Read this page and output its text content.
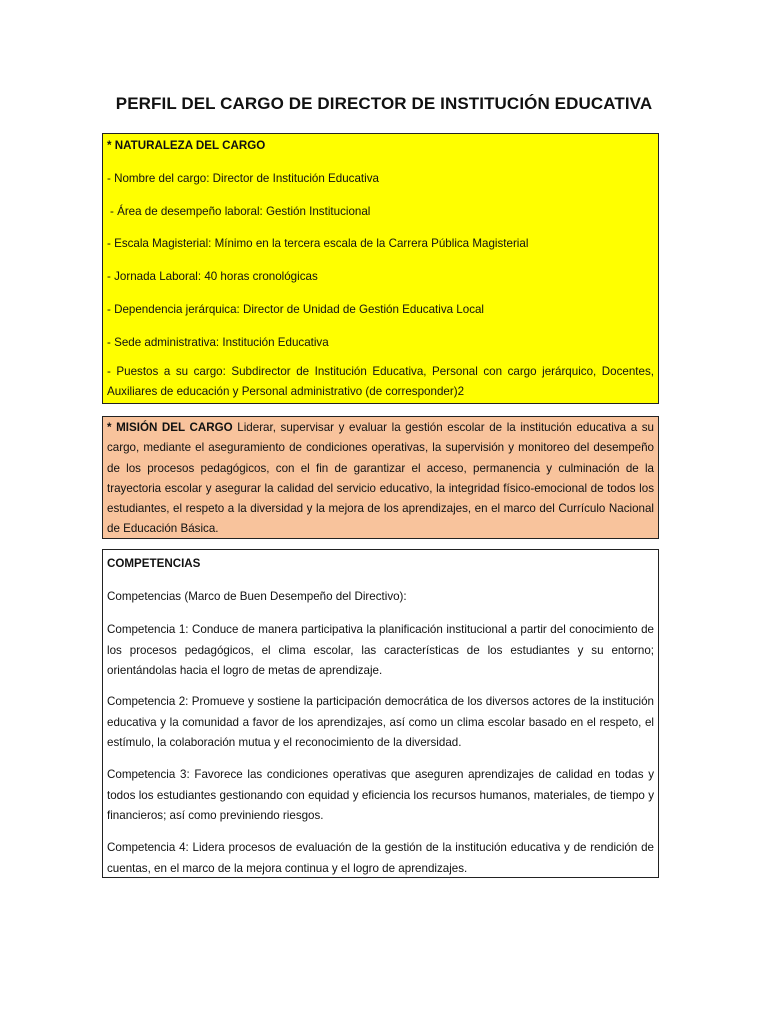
PERFIL DEL CARGO DE DIRECTOR DE INSTITUCIÓN EDUCATIVA
* NATURALEZA DEL CARGO
- Nombre del cargo: Director de Institución Educativa
- Área de desempeño laboral: Gestión Institucional
- Escala Magisterial: Mínimo en la tercera escala de la Carrera Pública Magisterial
- Jornada Laboral: 40 horas cronológicas
- Dependencia jerárquica: Director de Unidad de Gestión Educativa Local
- Sede administrativa: Institución Educativa
- Puestos a su cargo: Subdirector de Institución Educativa, Personal con cargo jerárquico, Docentes, Auxiliares de educación y Personal administrativo (de corresponder)2
* MISIÓN DEL CARGO Liderar, supervisar y evaluar la gestión escolar de la institución educativa a su cargo, mediante el aseguramiento de condiciones operativas, la supervisión y monitoreo del desempeño de los procesos pedagógicos, con el fin de garantizar el acceso, permanencia y culminación de la trayectoria escolar y asegurar la calidad del servicio educativo, la integridad físico-emocional de todos los estudiantes, el respeto a la diversidad y la mejora de los aprendizajes, en el marco del Currículo Nacional de Educación Básica.
COMPETENCIAS
Competencias (Marco de Buen Desempeño del Directivo):
Competencia 1: Conduce de manera participativa la planificación institucional a partir del conocimiento de los procesos pedagógicos, el clima escolar, las características de los estudiantes y su entorno; orientándolas hacia el logro de metas de aprendizaje.
Competencia 2: Promueve y sostiene la participación democrática de los diversos actores de la institución educativa y la comunidad a favor de los aprendizajes, así como un clima escolar basado en el respeto, el estímulo, la colaboración mutua y el reconocimiento de la diversidad.
Competencia 3: Favorece las condiciones operativas que aseguren aprendizajes de calidad en todas y todos los estudiantes gestionando con equidad y eficiencia los recursos humanos, materiales, de tiempo y financieros; así como previniendo riesgos.
Competencia 4: Lidera procesos de evaluación de la gestión de la institución educativa y de rendición de cuentas, en el marco de la mejora continua y el logro de aprendizajes.
